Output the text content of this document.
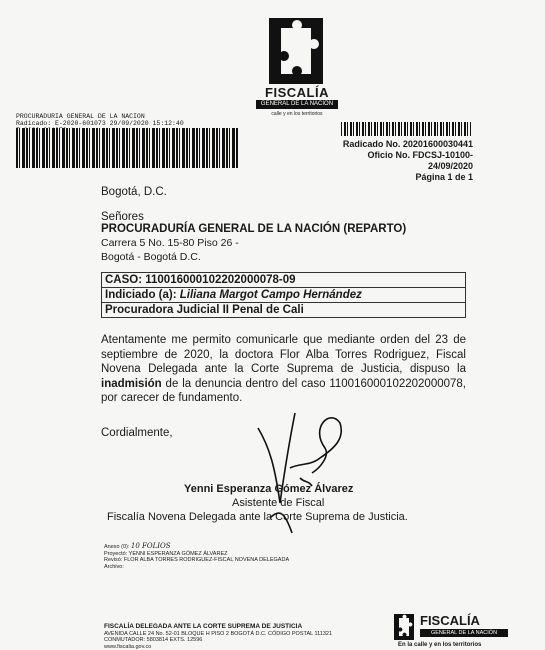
FISCALÍA
GENERAL DE LA NACIÓN
calle y en los territorios
PROCURADURIA GENERAL DE LA NACION
Radicado: E-2020-601073 29/09/2020 15:12:40
Radicado No. 20201600030441
Oficio No. FDCSJ-10100-
24/09/2020
Página 1 de 1
Bogotá, D.C.
Señores
PROCURADURÍA GENERAL DE LA NACIÓN (REPARTO)
Carrera 5 No. 15-80 Piso 26 -
Bogotá - Bogotá D.C.
CASO: 110016000102202000078-09
Indiciado (a): Liliana Margot Campo Hernández
Procuradora Judicial II Penal de Cali
Atentamente me permito comunicarle que mediante orden del 23 de septiembre de 2020, la doctora Flor Alba Torres Rodriguez, Fiscal Novena Delegada ante la Corte Suprema de Justicia, dispuso la inadmisión de la denuncia dentro del caso 110016000102202000078, por carecer de fundamento.
Cordialmente,
Yenni Esperanza Gómez Álvarez
Asistente de Fiscal
Fiscalía Novena Delegada ante la Corte Suprema de Justicia.
Anexo (0): 10 FOLIOS
Proyectó: YENNI ESPERANZA GÓMEZ ÁLVAREZ
Revisó: FLOR ALBA TORRES RODRIGUEZ-FISCAL NOVENA DELEGADA
Archivo:
FISCALÍA DELEGADA ANTE LA CORTE SUPREMA DE JUSTICIA
AVENIDA CALLE 24 No. 52-01 BLOQUE H PISO 2 BOGOTÁ D.C. CÓDIGO POSTAL 111321
CONMUTADOR: 5803814 EXTS. 12596
www.fiscalia.gov.co
FISCALÍA
GENERAL DE LA NACIÓN
En la calle y en los territorios
